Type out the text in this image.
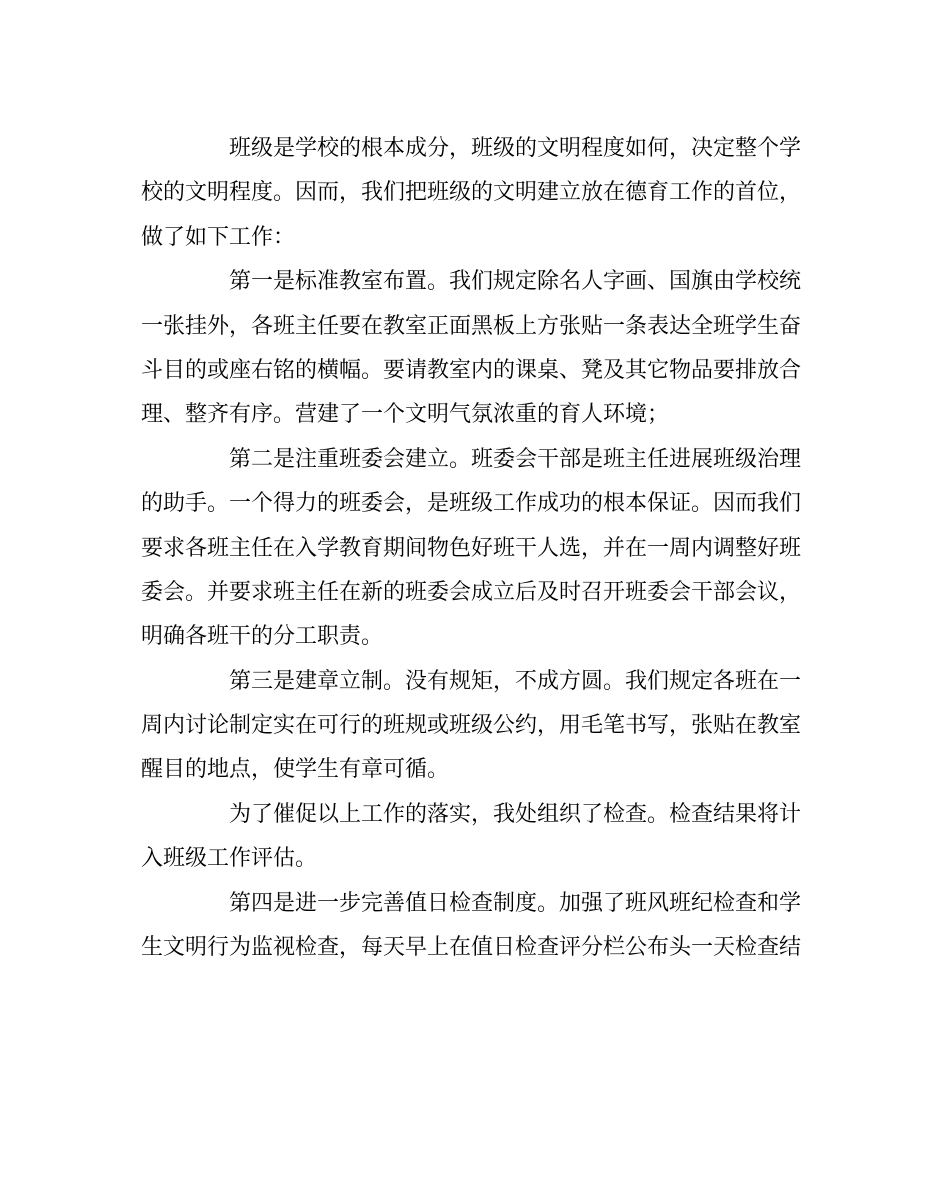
班级是学校的根本成分，班级的文明程度如何，决定整个学
校的文明程度。因而，我们把班级的文明建立放在德育工作的首位，
做了如下工作：
第一是标准教室布置。我们规定除名人字画、国旗由学校统
一张挂外，各班主任要在教室正面黑板上方张贴一条表达全班学生奋
斗目的或座右铭的横幅。要请教室内的课桌、凳及其它物品要排放合
理、整齐有序。营建了一个文明气氛浓重的育人环境；
第二是注重班委会建立。班委会干部是班主任进展班级治理
的助手。一个得力的班委会，是班级工作成功的根本保证。因而我们
要求各班主任在入学教育期间物色好班干人选，并在一周内调整好班
委会。并要求班主任在新的班委会成立后及时召开班委会干部会议，
明确各班干的分工职责。
第三是建章立制。没有规矩，不成方圆。我们规定各班在一
周内讨论制定实在可行的班规或班级公约，用毛笔书写，张贴在教室
醒目的地点，使学生有章可循。
为了催促以上工作的落实，我处组织了检查。检查结果将计
入班级工作评估。
第四是进一步完善值日检查制度。加强了班风班纪检查和学
生文明行为监视检查，每天早上在值日检查评分栏公布头一天检查结
